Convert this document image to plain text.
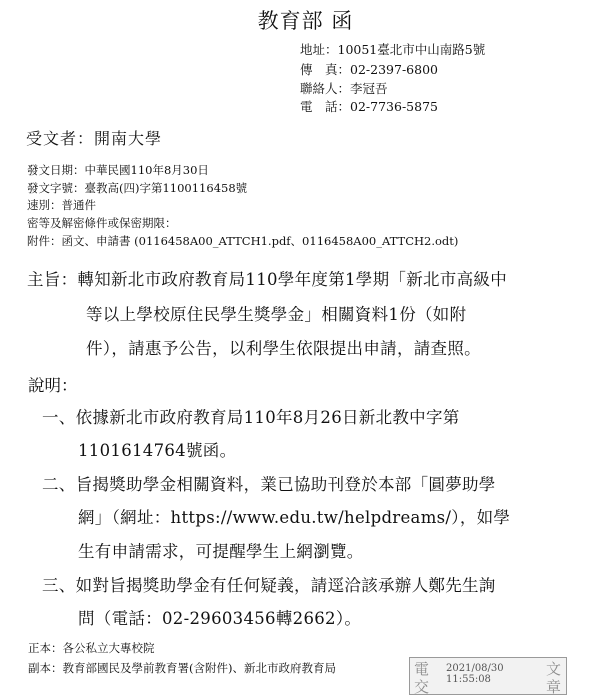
教育部 函
地址：10051臺北市中山南路5號
傳　真：02-2397-6800
聯絡人：李冠吾
電　話：02-7736-5875
受文者：開南大學
發文日期：中華民國110年8月30日
發文字號：臺教高(四)字第1100116458號
速別：普通件
密等及解密條件或保密期限：
附件：函文、申請書 (0116458A00_ATTCH1.pdf、0116458A00_ATTCH2.odt)
主旨：轉知新北市政府教育局110學年度第1學期「新北市高級中
等以上學校原住民學生獎學金」相關資料1份（如附
件），請惠予公告，以利學生依限提出申請，請查照。
說明：
一、依據新北市政府教育局110年8月26日新北教中字第
1101614764號函。
二、旨揭獎助學金相關資料，業已協助刊登於本部「圓夢助學
網」（網址：https://www.edu.tw/helpdreams/），如學
生有申請需求，可提醒學生上網瀏覽。
三、如對旨揭獎助學金有任何疑義，請逕洽該承辦人鄭先生詢
問（電話：02-29603456轉2662）。
正本：各公私立大專校院
副本：教育部國民及學前教育署(含附件)、新北市政府教育局	電
交
2021/08/30
11:55:08
文
章
